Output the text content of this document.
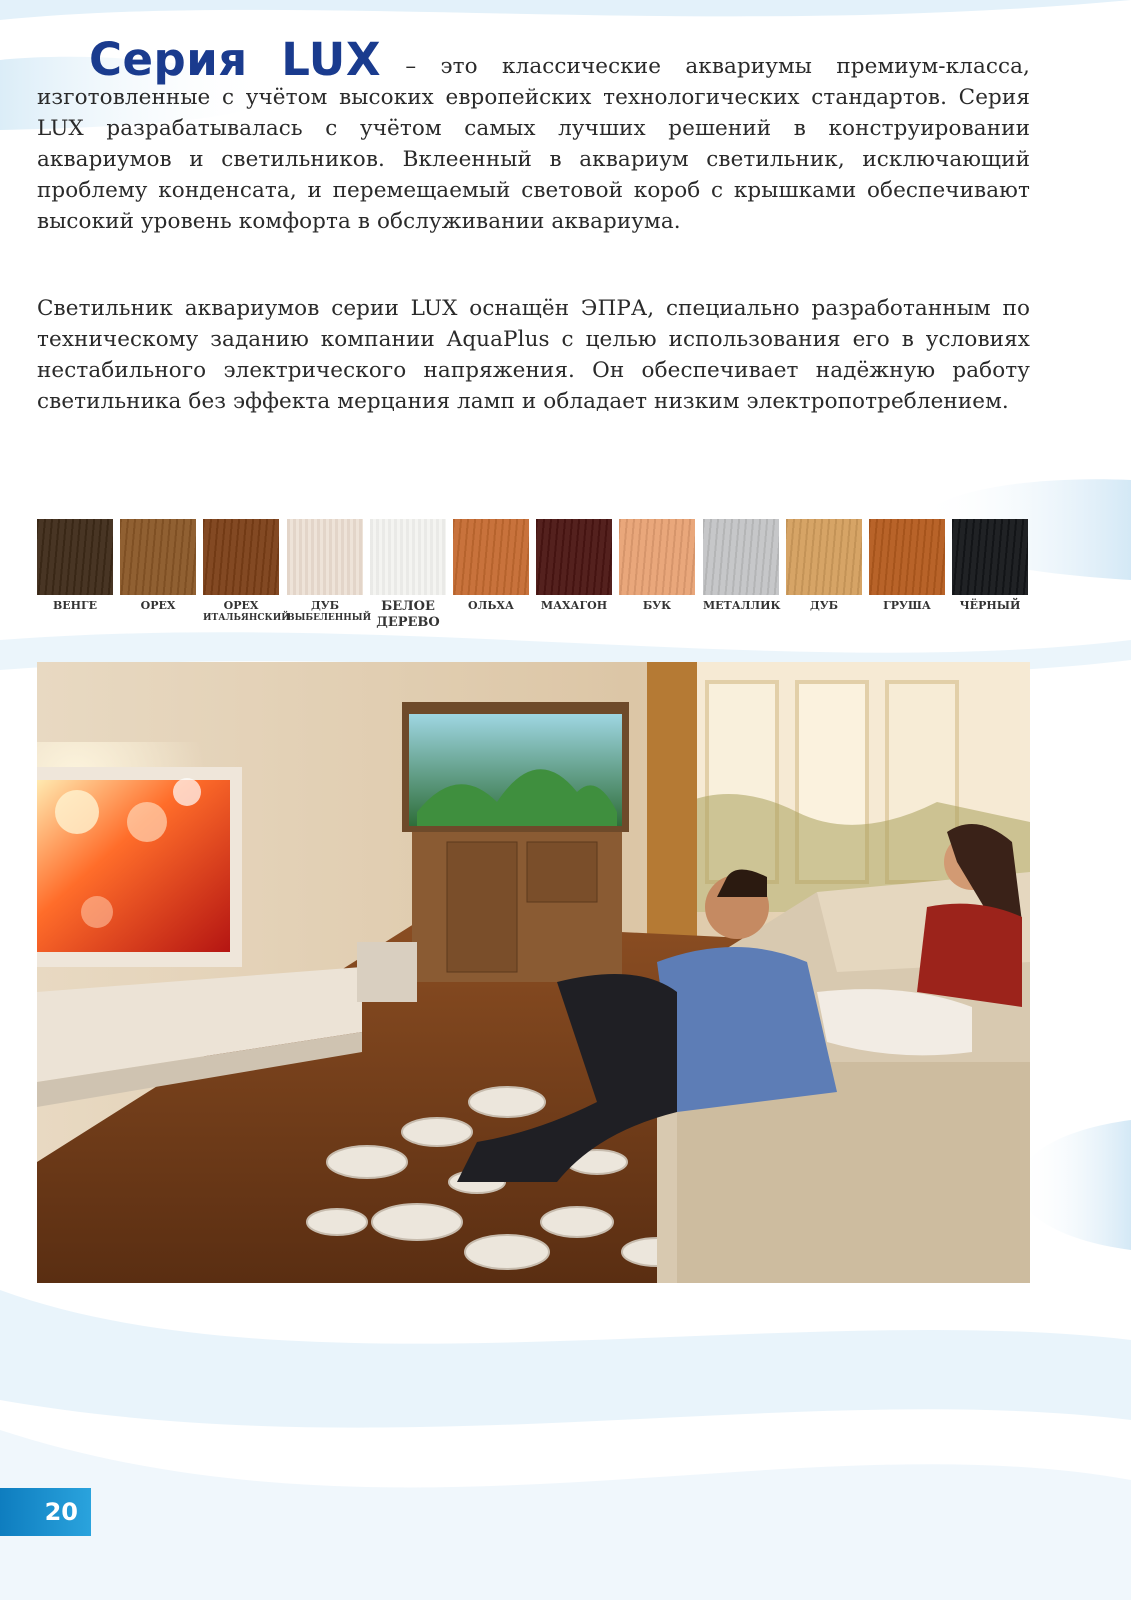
Серия LUX – это классические аквариумы премиум-класса, изготовленные с учётом высоких европейских технологических стандартов. Серия LUX разрабатывалась с учётом самых лучших решений в конструировании аквариумов и светильников. Вклеенный в аквариум светильник, исключающий проблему конденсата, и перемещаемый световой короб с крышками обеспечивают высокий уровень комфорта в обслуживании аквариума.

Светильник аквариумов серии LUX оснащён ЭПРА, специально разработанным по техническому заданию компании AquaPlus с целью использования его в условиях нестабильного электрического напряжения. Он обеспечивает надёжную работу светильника без эффекта мерцания ламп и обладает низким электропотреблением.

ВЕНГЕ	ОРЕХ	ОРЕХ
ИТАЛЬЯНСКИЙ
ДУБ
ВЫБЕЛЕННЫЙ
БЕЛОЕ
ДЕРЕВО
ОЛЬХА	МАХАГОН	БУК	МЕТАЛЛИК	ДУБ	ГРУША	ЧЁРНЫЙ
20
